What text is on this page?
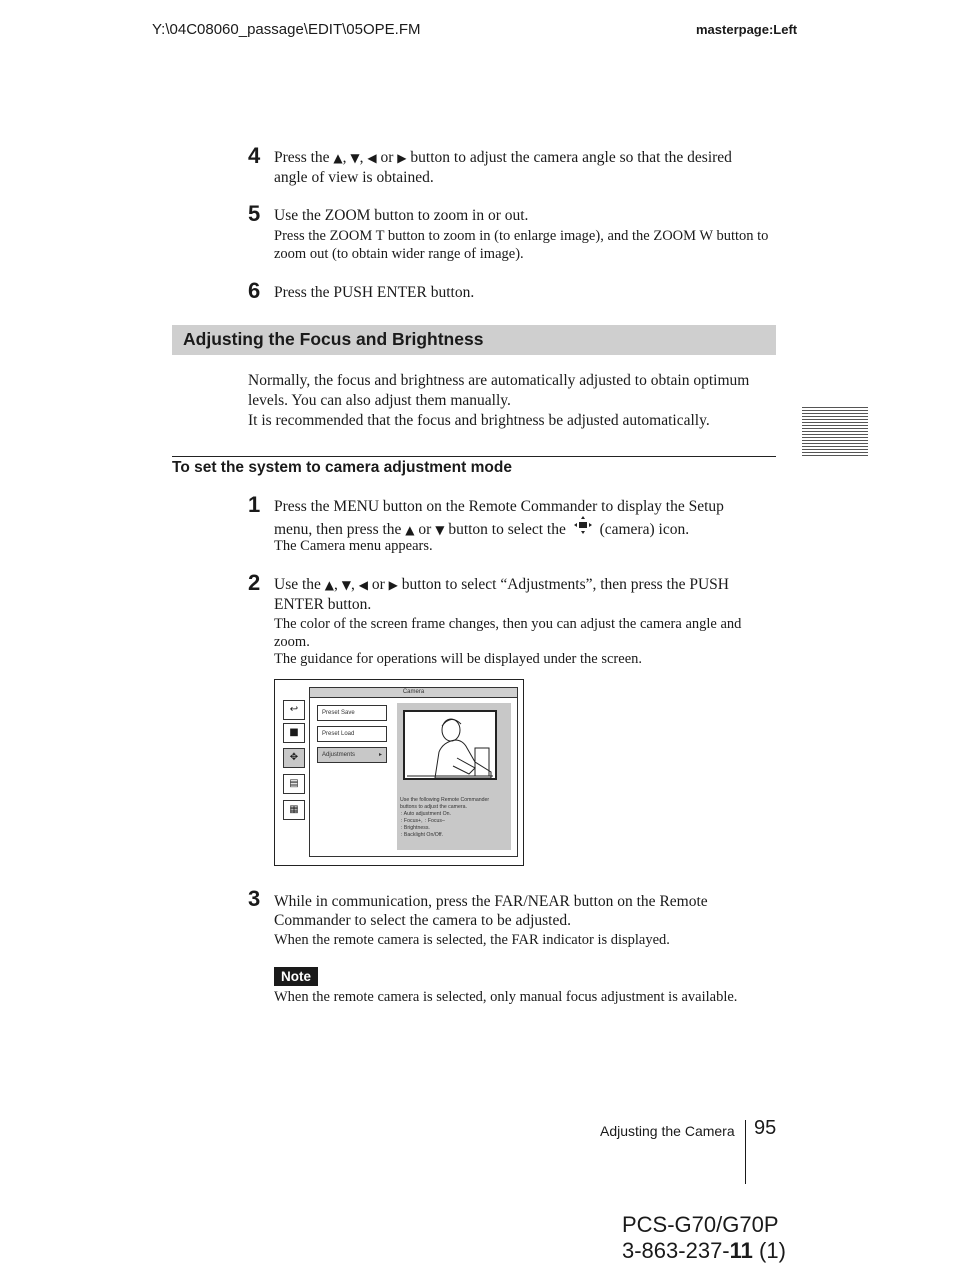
Y:\04C08060_passage\EDIT\05OPE.FM	masterpage:Left
4 Press the ▲, ▼, ◀ or ▶ button to adjust the camera angle so that the desired
angle of view is obtained.
5 Use the ZOOM button to zoom in or out.
Press the ZOOM T button to zoom in (to enlarge image), and the ZOOM W button to zoom out (to obtain wider range of image).
6 Press the PUSH ENTER button.
Adjusting the Focus and Brightness
Normally, the focus and brightness are automatically adjusted to obtain optimum levels. You can also adjust them manually.
It is recommended that the focus and brightness be adjusted automatically.
To set the system to camera adjustment mode
1 Press the MENU button on the Remote Commander to display the Setup
menu, then press the ▲ or ▼ button to select the  (camera) icon.
The Camera menu appears.
2 Use the ▲, ▼, ◀ or ▶ button to select “Adjustments”, then press the PUSH
ENTER button.
The color of the screen frame changes, then you can adjust the camera angle and zoom.
The guidance for operations will be displayed under the screen.
↩
■
✥
▤
▦
Camera
Preset Save
Preset Load
Adjustments	▸
Use the following Remote Commander
buttons to adjust the camera.
 : Auto adjustment On.
 : Focus+,  : Focus–
 : Brightness.
 : Backlight On/Off.
3 While in communication, press the FAR/NEAR button on the Remote
Commander to select the camera to be adjusted.
When the remote camera is selected, the FAR indicator is displayed.
Note
When the remote camera is selected, only manual focus adjustment is available.
Adjusting the Camera 95
PCS-G70/G70P
3-863-237-11 (1)
